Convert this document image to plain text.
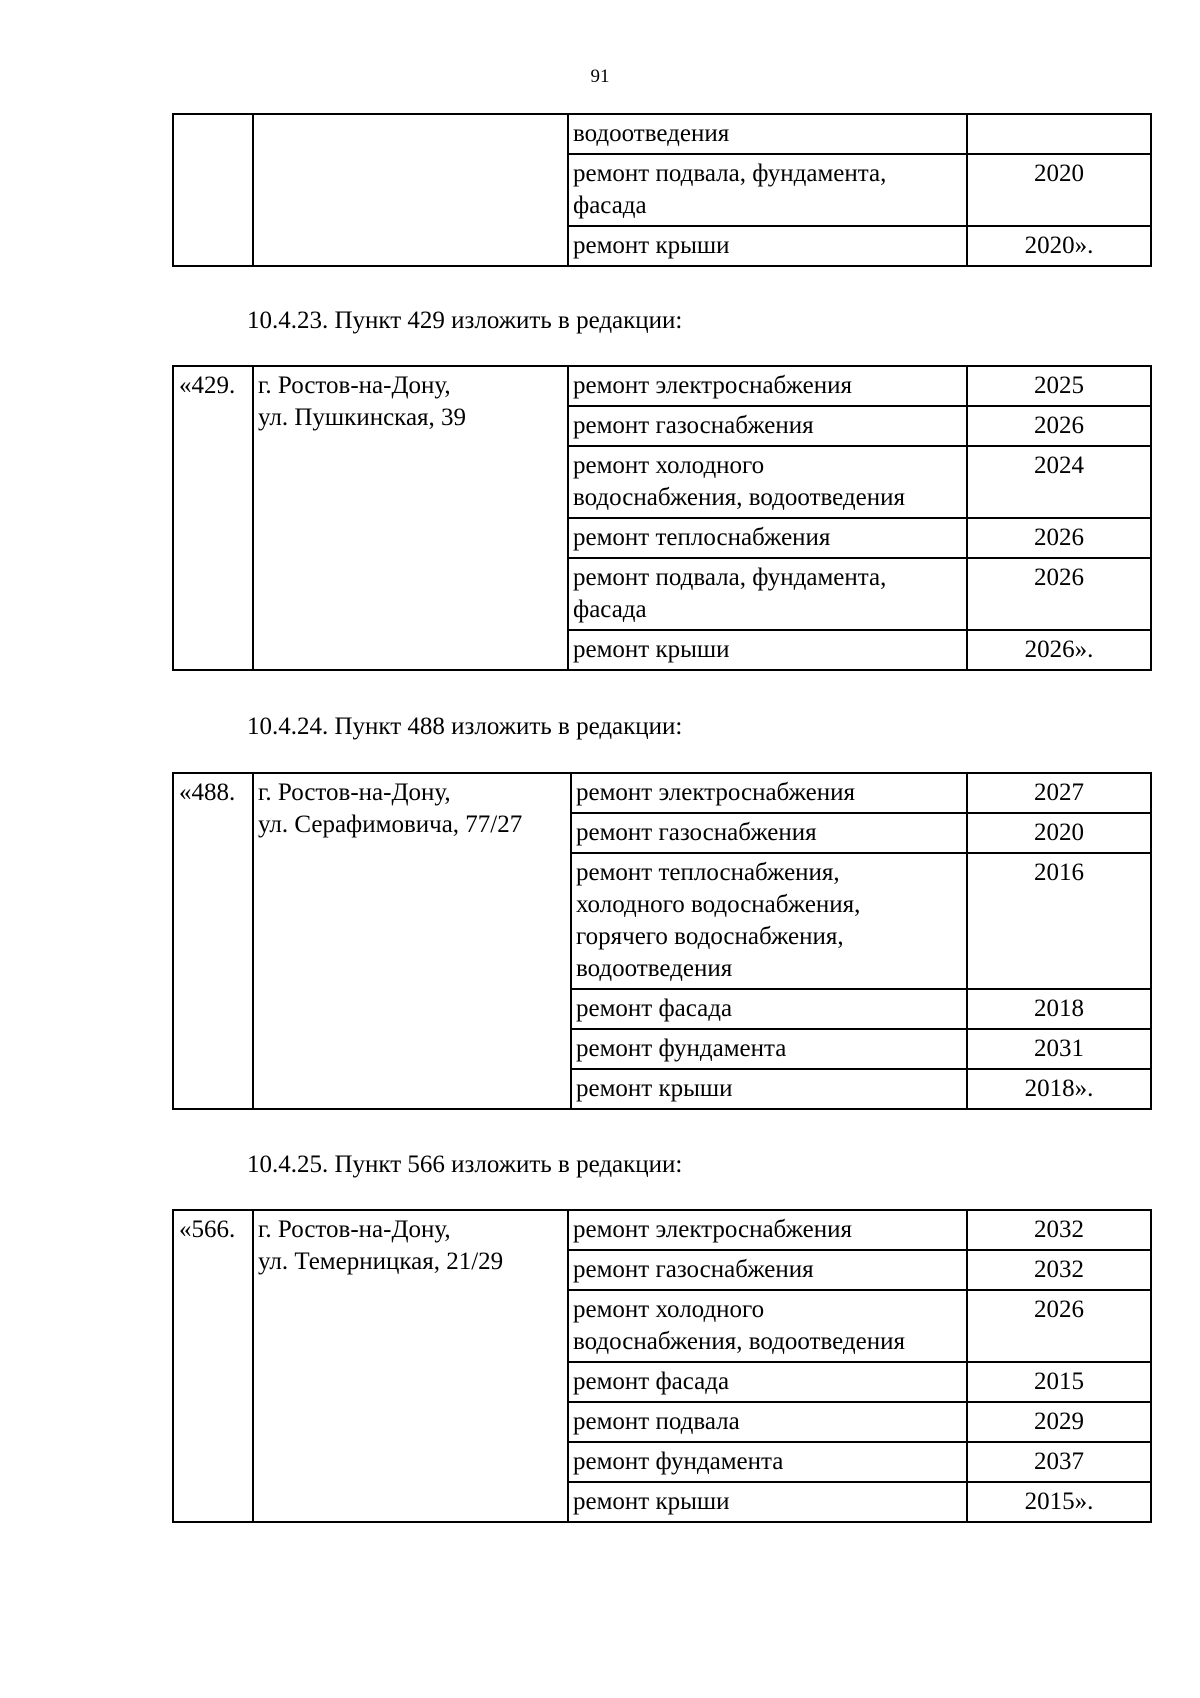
91

		водоотведения	

		ремонт подвала, фундамента,
фасада	2020

		ремонт крыши	2020».
10.4.23. Пункт 429 изложить в редакции:
«429.	г. Ростов-на-Дону,
ул. Пушкинская, 39	ремонт электроснабжения	2025

		ремонт газоснабжения	2026

		ремонт холодного
водоснабжения, водоотведения	2024

		ремонт теплоснабжения	2026

		ремонт подвала, фундамента,
фасада	2026

		ремонт крыши	2026».
10.4.24. Пункт 488 изложить в редакции:
«488.	г. Ростов-на-Дону,
ул. Серафимовича, 77/27	ремонт электроснабжения	2027

		ремонт газоснабжения	2020

		ремонт теплоснабжения,
холодного водоснабжения,
горячего водоснабжения,
водоотведения	2016

		ремонт фасада	2018

		ремонт фундамента	2031

		ремонт крыши	2018».
10.4.25. Пункт 566 изложить в редакции:
«566.	г. Ростов-на-Дону,
ул. Темерницкая, 21/29	ремонт электроснабжения	2032

		ремонт газоснабжения	2032

		ремонт холодного
водоснабжения, водоотведения	2026

		ремонт фасада	2015

		ремонт подвала	2029

		ремонт фундамента	2037

		ремонт крыши	2015».
